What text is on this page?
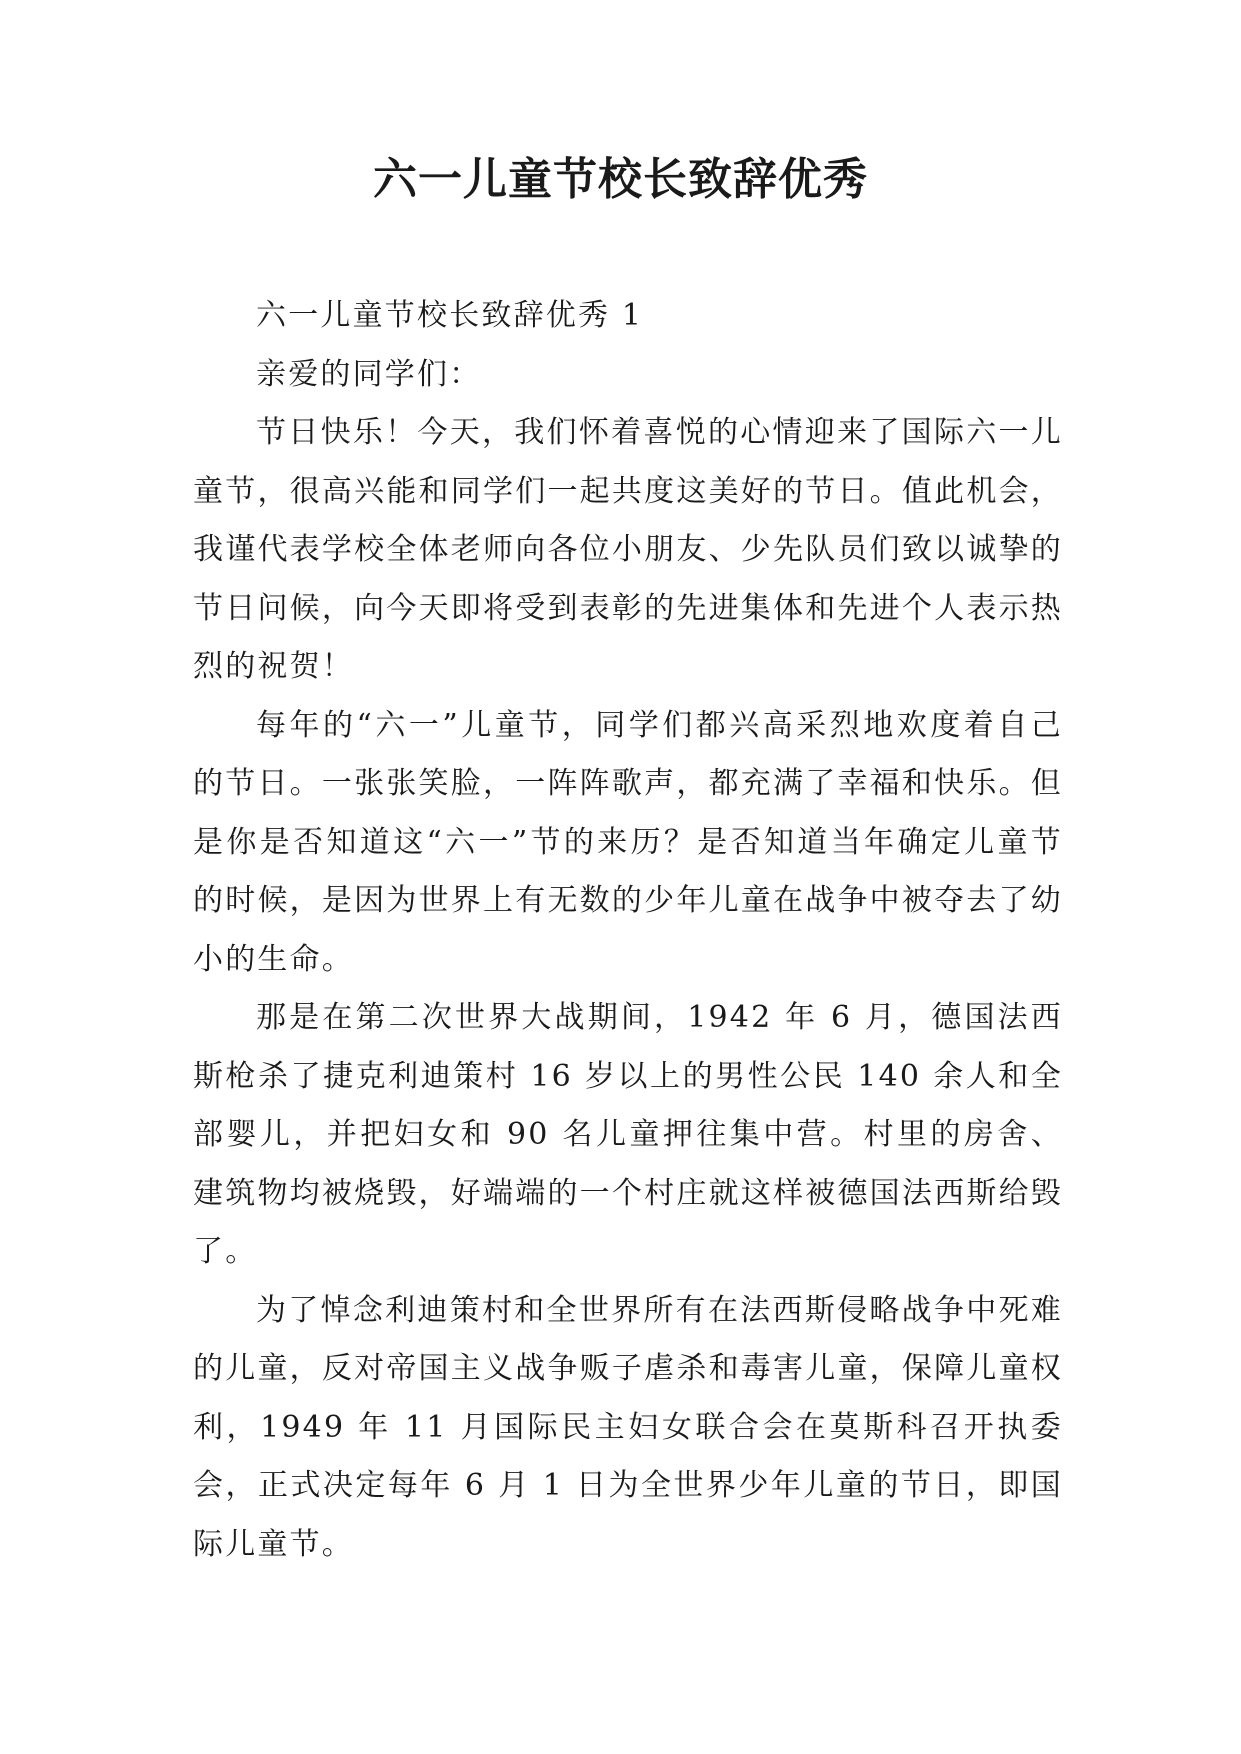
六一儿童节校长致辞优秀

六一儿童节校长致辞优秀 1

亲爱的同学们：

节日快乐！今天，我们怀着喜悦的心情迎来了国际六一儿童节，很高兴能和同学们一起共度这美好的节日。值此机会，我谨代表学校全体老师向各位小朋友、少先队员们致以诚挚的节日问候，向今天即将受到表彰的先进集体和先进个人表示热烈的祝贺！

每年的“六一”儿童节，同学们都兴高采烈地欢度着自己的节日。一张张笑脸，一阵阵歌声，都充满了幸福和快乐。但是你是否知道这“六一”节的来历？是否知道当年确定儿童节的时候，是因为世界上有无数的少年儿童在战争中被夺去了幼小的生命。

那是在第二次世界大战期间，1942 年 6 月，德国法西斯枪杀了捷克利迪策村 16 岁以上的男性公民 140 余人和全部婴儿，并把妇女和 90 名儿童押往集中营。村里的房舍、建筑物均被烧毁，好端端的一个村庄就这样被德国法西斯给毁了。

为了悼念利迪策村和全世界所有在法西斯侵略战争中死难的儿童，反对帝国主义战争贩子虐杀和毒害儿童，保障儿童权利，1949 年 11 月国际民主妇女联合会在莫斯科召开执委会，正式决定每年 6 月 1 日为全世界少年儿童的节日，即国际儿童节。
